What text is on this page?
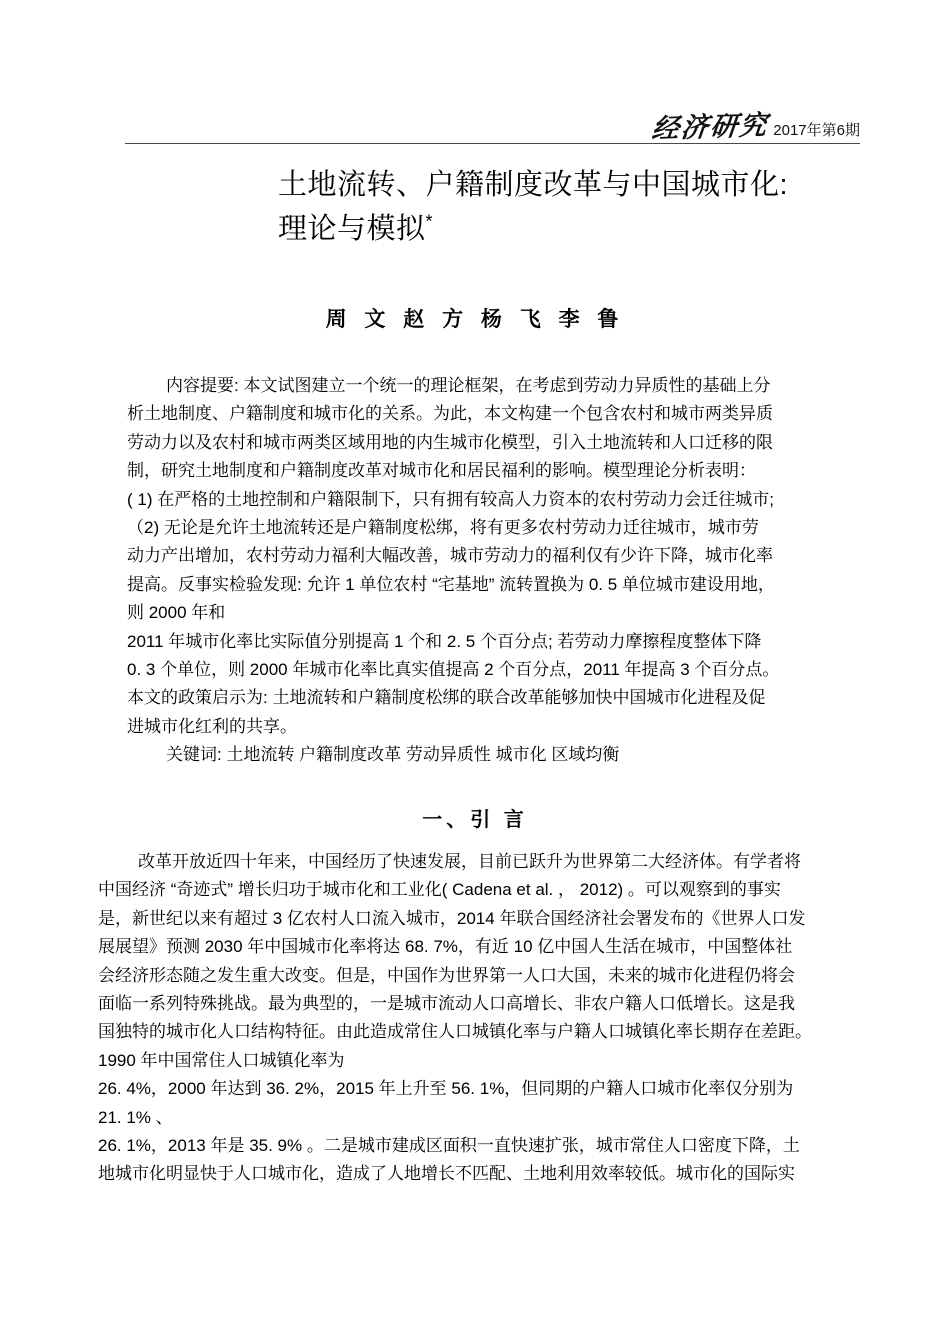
经济研究 2017年第6期
土地流转、户籍制度改革与中国城市化:
理论与模拟*
周 文 赵 方 杨 飞 李 鲁
内容提要: 本文试图建立一个统一的理论框架，在考虑到劳动力异质性的基础上分
析土地制度、户籍制度和城市化的关系。为此，本文构建一个包含农村和城市两类异质
劳动力以及农村和城市两类区域用地的内生城市化模型，引入土地流转和人口迁移的限
制，研究土地制度和户籍制度改革对城市化和居民福利的影响。模型理论分析表明：
( 1) 在严格的土地控制和户籍限制下，只有拥有较高人力资本的农村劳动力会迁往城市;
（2) 无论是允许土地流转还是户籍制度松绑，将有更多农村劳动力迁往城市，城市劳
动力产出增加，农村劳动力福利大幅改善，城市劳动力的福利仅有少许下降，城市化率
提高。反事实检验发现: 允许 1 单位农村 “宅基地” 流转置换为 0. 5 单位城市建设用地，
则 2000 年和
2011 年城市化率比实际值分别提高 1 个和 2. 5 个百分点; 若劳动力摩擦程度整体下降
0. 3 个单位，则 2000 年城市化率比真实值提高 2 个百分点，2011 年提高 3 个百分点。
本文的政策启示为: 土地流转和户籍制度松绑的联合改革能够加快中国城市化进程及促
进城市化红利的共享。
关键词: 土地流转 户籍制度改革 劳动异质性 城市化 区域均衡
一、引 言
改革开放近四十年来，中国经历了快速发展，目前已跃升为世界第二大经济体。有学者将
中国经济 “奇迹式” 增长归功于城市化和工业化( Cadena et al. ， 2012) 。可以观察到的事实
是，新世纪以来有超过 3 亿农村人口流入城市，2014 年联合国经济社会署发布的《世界人口发
展展望》预测 2030 年中国城市化率将达 68. 7%，有近 10 亿中国人生活在城市，中国整体社
会经济形态随之发生重大改变。但是，中国作为世界第一人口大国，未来的城市化进程仍将会
面临一系列特殊挑战。最为典型的，一是城市流动人口高增长、非农户籍人口低增长。这是我
国独特的城市化人口结构特征。由此造成常住人口城镇化率与户籍人口城镇化率长期存在差距。
1990 年中国常住人口城镇化率为
26. 4%，2000 年达到 36. 2%，2015 年上升至 56. 1%，但同期的户籍人口城市化率仅分别为
21. 1% 、
26. 1%，2013 年是 35. 9% 。二是城市建成区面积一直快速扩张，城市常住人口密度下降，土
地城市化明显快于人口城市化，造成了人地增长不匹配、土地利用效率较低。城市化的国际实
